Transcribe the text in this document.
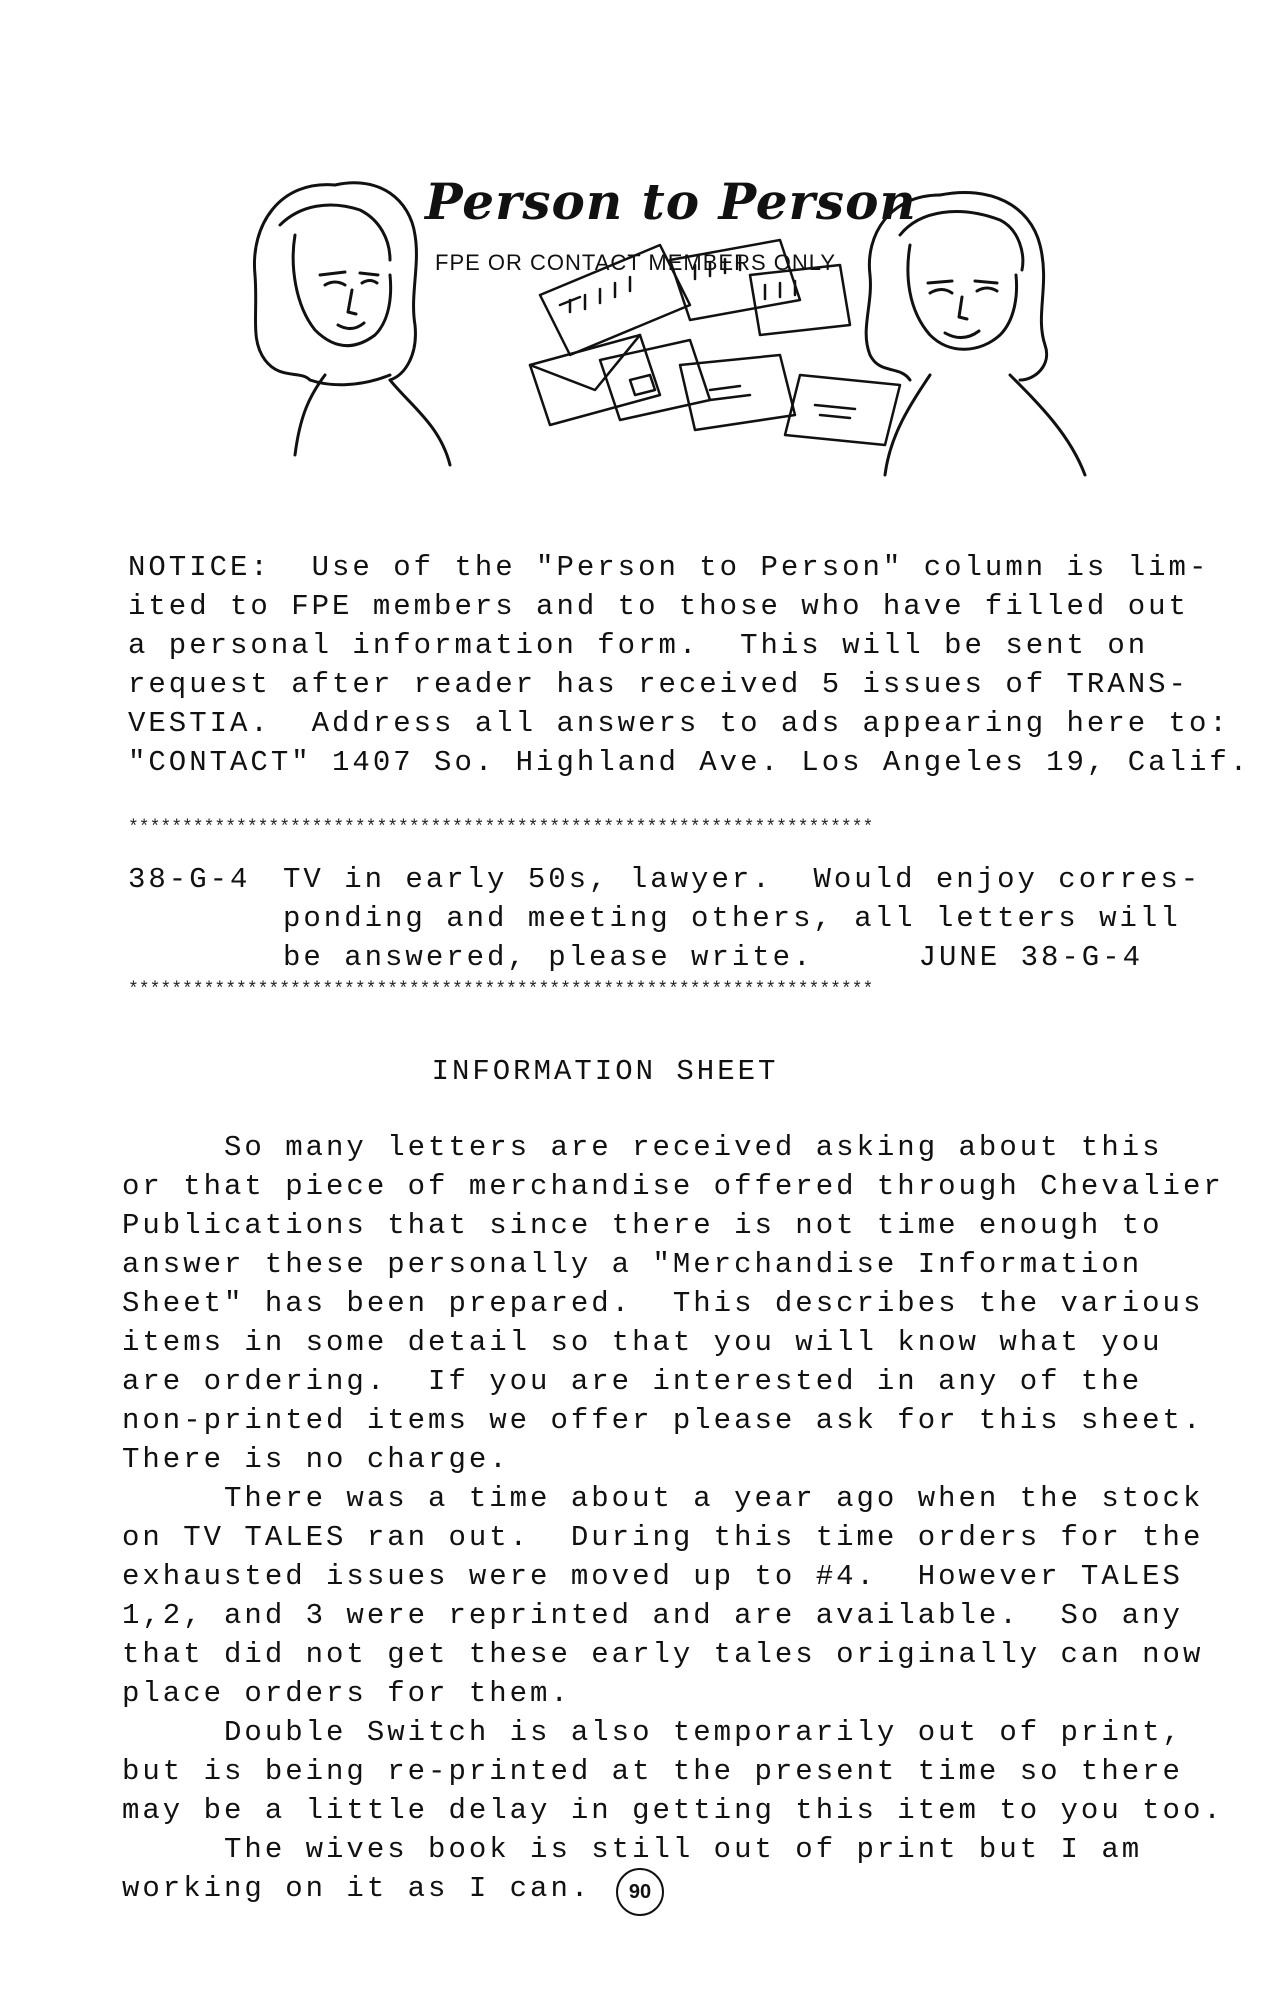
Person to Person
FPE OR CONTACT MEMBERS ONLY

NOTICE:  Use of the "Person to Person" column is lim-

ited to FPE members and to those who have filled out

a personal information form.  This will be sent on

request after reader has received 5 issues of TRANS-

VESTIA.  Address all answers to ads appearing here to:

"CONTACT" 1407 So. Highland Ave. Los Angeles 19, Calif.

*********************************************************************
38-G-4 TV in early 50s, lawyer.  Would enjoy corres-
ponding and meeting others, all letters will
be answered, please write.	JUNE 38-G-4
*********************************************************************
INFORMATION SHEET

So many letters are received asking about this

or that piece of merchandise offered through Chevalier

Publications that since there is not time enough to

answer these personally a "Merchandise Information

Sheet" has been prepared.  This describes the various

items in some detail so that you will know what you

are ordering.  If you are interested in any of the

non-printed items we offer please ask for this sheet.

There is no charge.

There was a time about a year ago when the stock

on TV TALES ran out.  During this time orders for the

exhausted issues were moved up to #4.  However TALES

1,2, and 3 were reprinted and are available.  So any

that did not get these early tales originally can now

place orders for them.

Double Switch is also temporarily out of print,

but is being re-printed at the present time so there

may be a little delay in getting this item to you too.

The wives book is still out of print but I am

working on it as I can.	90
